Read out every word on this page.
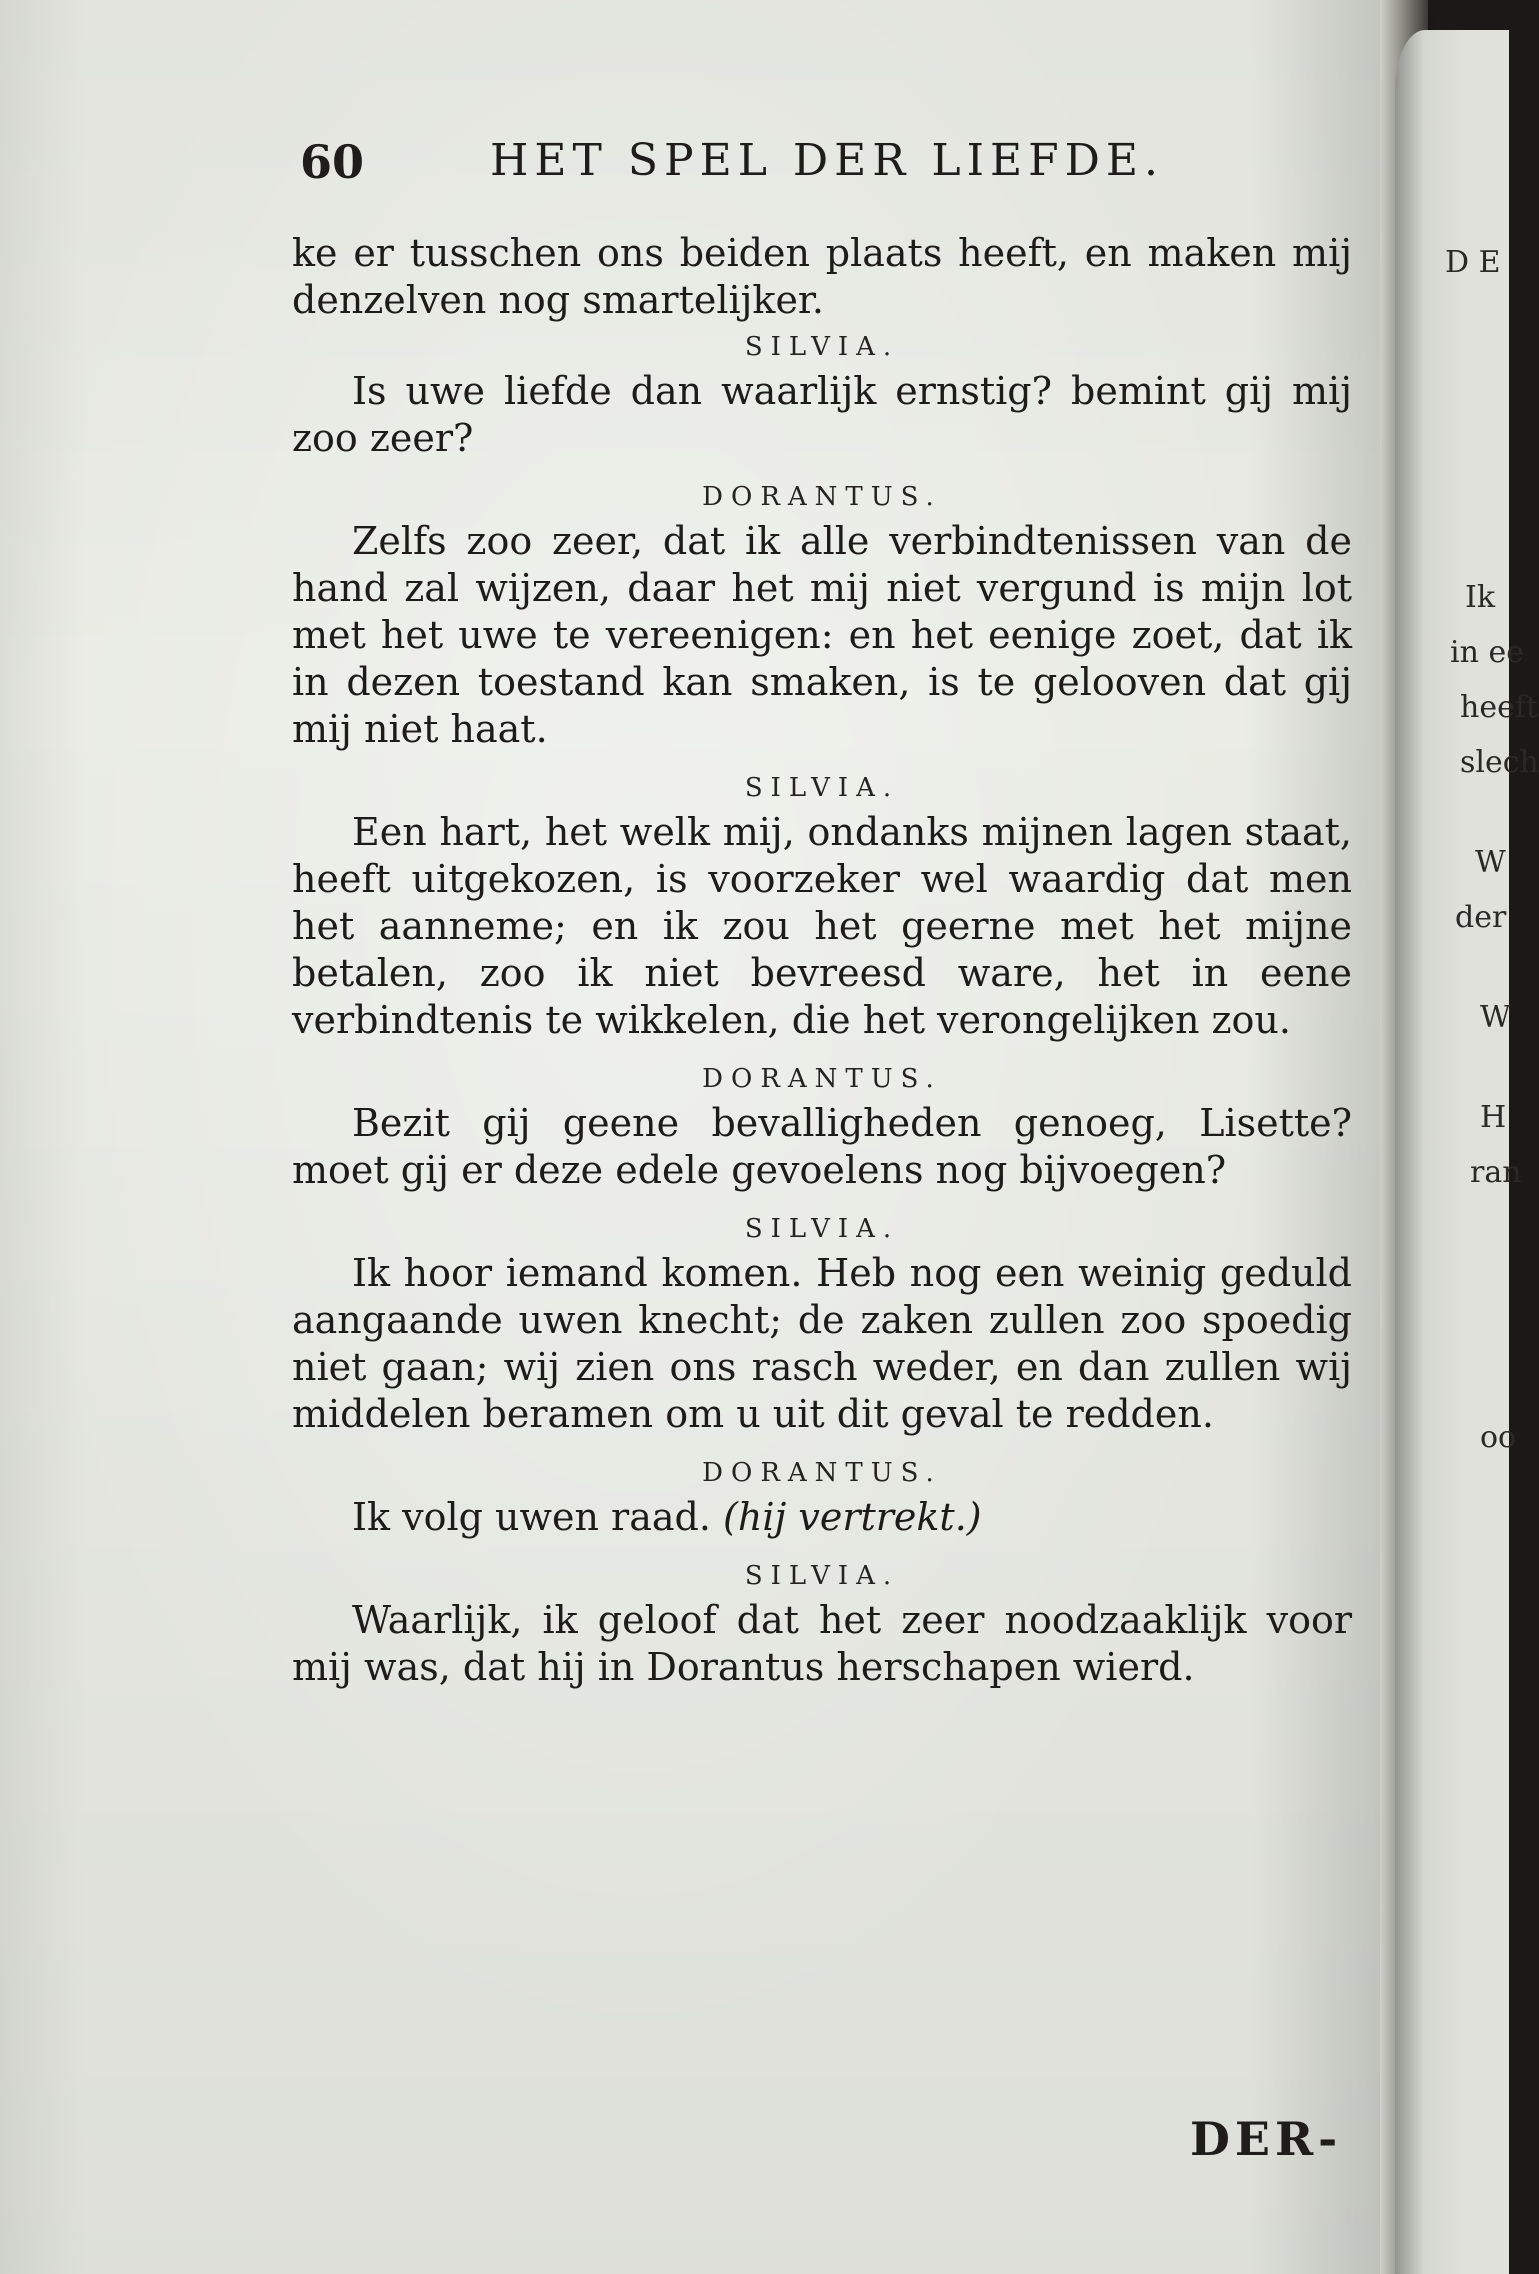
D E
Ik
in ee
heeft
slech
W
der
W
H
ran
oo
60	HET SPEL DER LIEFDE.

ke er tusschen ons beiden plaats heeft, en maken mij denzelven nog smartelijker.

SILVIA.

Is uwe liefde dan waarlijk ernstig? bemint gij mij zoo zeer?

DORANTUS.

Zelfs zoo zeer, dat ik alle verbindtenissen van de hand zal wijzen, daar het mij niet vergund is mijn lot met het uwe te vereenigen: en het eenige zoet, dat ik in dezen toestand kan smaken, is te gelooven dat gij mij niet haat.

SILVIA.

Een hart, het welk mij, ondanks mijnen lagen staat, heeft uitgekozen, is voorzeker wel waardig dat men het aanneme; en ik zou het geerne met het mijne betalen, zoo ik niet bevreesd ware, het in eene verbindtenis te wikkelen, die het verongelijken zou.

DORANTUS.

Bezit gij geene bevalligheden genoeg, Lisette? moet gij er deze edele gevoelens nog bijvoegen?

SILVIA.

Ik hoor iemand komen. Heb nog een weinig geduld aangaande uwen knecht; de zaken zullen zoo spoedig niet gaan; wij zien ons rasch weder, en dan zullen wij middelen beramen om u uit dit geval te redden.

DORANTUS.

Ik volg uwen raad. (hij vertrekt.)

SILVIA.

Waarlijk, ik geloof dat het zeer noodzaaklijk voor mij was, dat hij in Dorantus herschapen wierd.

DER-
